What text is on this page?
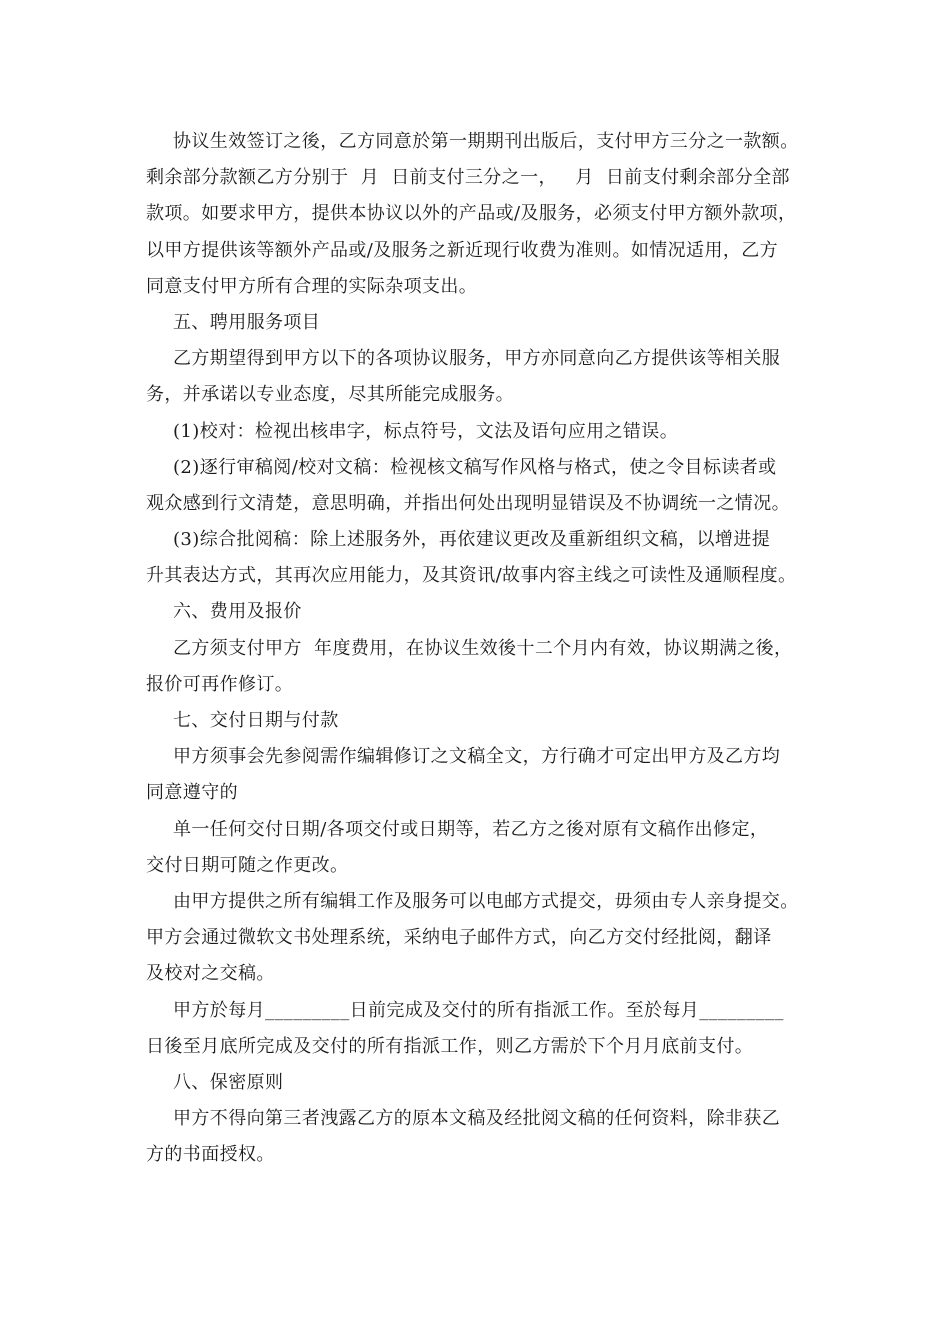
协议生效签订之後，乙方同意於第一期期刊出版后，支付甲方三分之一款额。
剩余部分款额乙方分别于  月  日前支付三分之一，   月  日前支付剩余部分全部
款项。如要求甲方，提供本协议以外的产品或/及服务，必须支付甲方额外款项，
以甲方提供该等额外产品或/及服务之新近现行收费为准则。如情况适用，乙方
同意支付甲方所有合理的实际杂项支出。
五、聘用服务项目
乙方期望得到甲方以下的各项协议服务，甲方亦同意向乙方提供该等相关服
务，并承诺以专业态度，尽其所能完成服务。
(1)校对：检视出核串字，标点符号，文法及语句应用之错误。
(2)逐行审稿阅/校对文稿：检视核文稿写作风格与格式，使之令目标读者或
观众感到行文清楚，意思明确，并指出何处出现明显错误及不协调统一之情况。
(3)综合批阅稿：除上述服务外，再依建议更改及重新组织文稿，以增进提
升其表达方式，其再次应用能力，及其资讯/故事内容主线之可读性及通顺程度。
六、费用及报价
乙方须支付甲方  年度费用，在协议生效後十二个月内有效，协议期满之後，
报价可再作修订。
七、交付日期与付款
甲方须事会先参阅需作编辑修订之文稿全文，方行确才可定出甲方及乙方均
同意遵守的
单一任何交付日期/各项交付或日期等，若乙方之後对原有文稿作出修定，
交付日期可随之作更改。
由甲方提供之所有编辑工作及服务可以电邮方式提交，毋须由专人亲身提交。
甲方会通过微软文书处理系统，采纳电子邮件方式，向乙方交付经批阅，翻译
及校对之交稿。
甲方於每月_________日前完成及交付的所有指派工作。至於每月_________
日後至月底所完成及交付的所有指派工作，则乙方需於下个月月底前支付。
八、保密原则
甲方不得向第三者洩露乙方的原本文稿及经批阅文稿的任何资料，除非获乙
方的书面授权。
